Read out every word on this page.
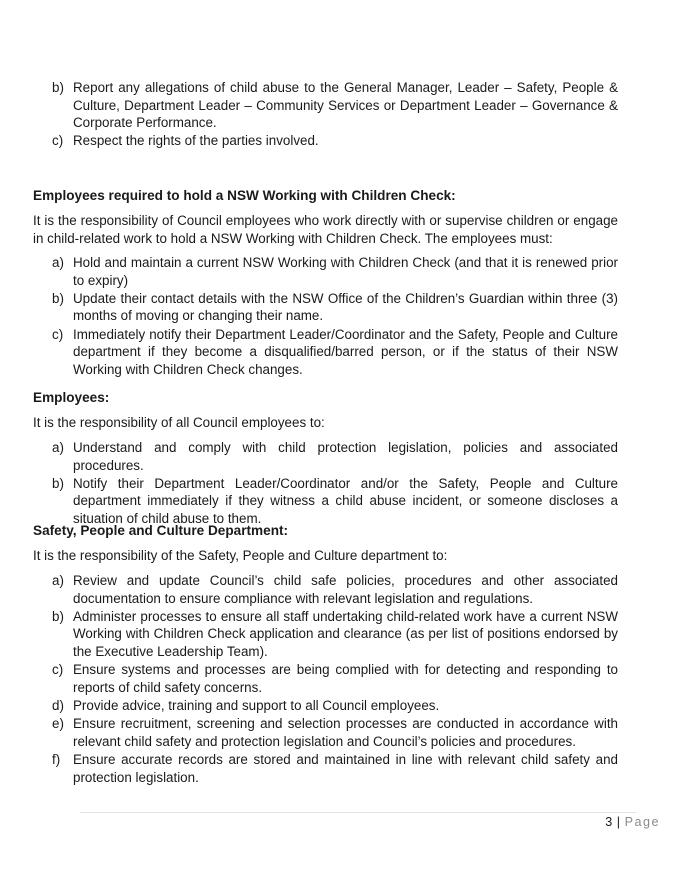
b) Report any allegations of child abuse to the General Manager, Leader – Safety, People & Culture, Department Leader – Community Services or Department Leader – Governance & Corporate Performance.
c) Respect the rights of the parties involved.
Employees required to hold a NSW Working with Children Check:
It is the responsibility of Council employees who work directly with or supervise children or engage in child-related work to hold a NSW Working with Children Check. The employees must:
a) Hold and maintain a current NSW Working with Children Check (and that it is renewed prior to expiry)
b) Update their contact details with the NSW Office of the Children’s Guardian within three (3) months of moving or changing their name.
c) Immediately notify their Department Leader/Coordinator and the Safety, People and Culture department if they become a disqualified/barred person, or if the status of their NSW Working with Children Check changes.
Employees:
It is the responsibility of all Council employees to:
a) Understand and comply with child protection legislation, policies and associated procedures.
b) Notify their Department Leader/Coordinator and/or the Safety, People and Culture department immediately if they witness a child abuse incident, or someone discloses a situation of child abuse to them.
Safety, People and Culture Department:
It is the responsibility of the Safety, People and Culture department to:
a) Review and update Council’s child safe policies, procedures and other associated documentation to ensure compliance with relevant legislation and regulations.
b) Administer processes to ensure all staff undertaking child-related work have a current NSW Working with Children Check application and clearance (as per list of positions endorsed by the Executive Leadership Team).
c) Ensure systems and processes are being complied with for detecting and responding to reports of child safety concerns.
d) Provide advice, training and support to all Council employees.
e) Ensure recruitment, screening and selection processes are conducted in accordance with relevant child safety and protection legislation and Council’s policies and procedures.
f) Ensure accurate records are stored and maintained in line with relevant child safety and protection legislation.
3 | Page
